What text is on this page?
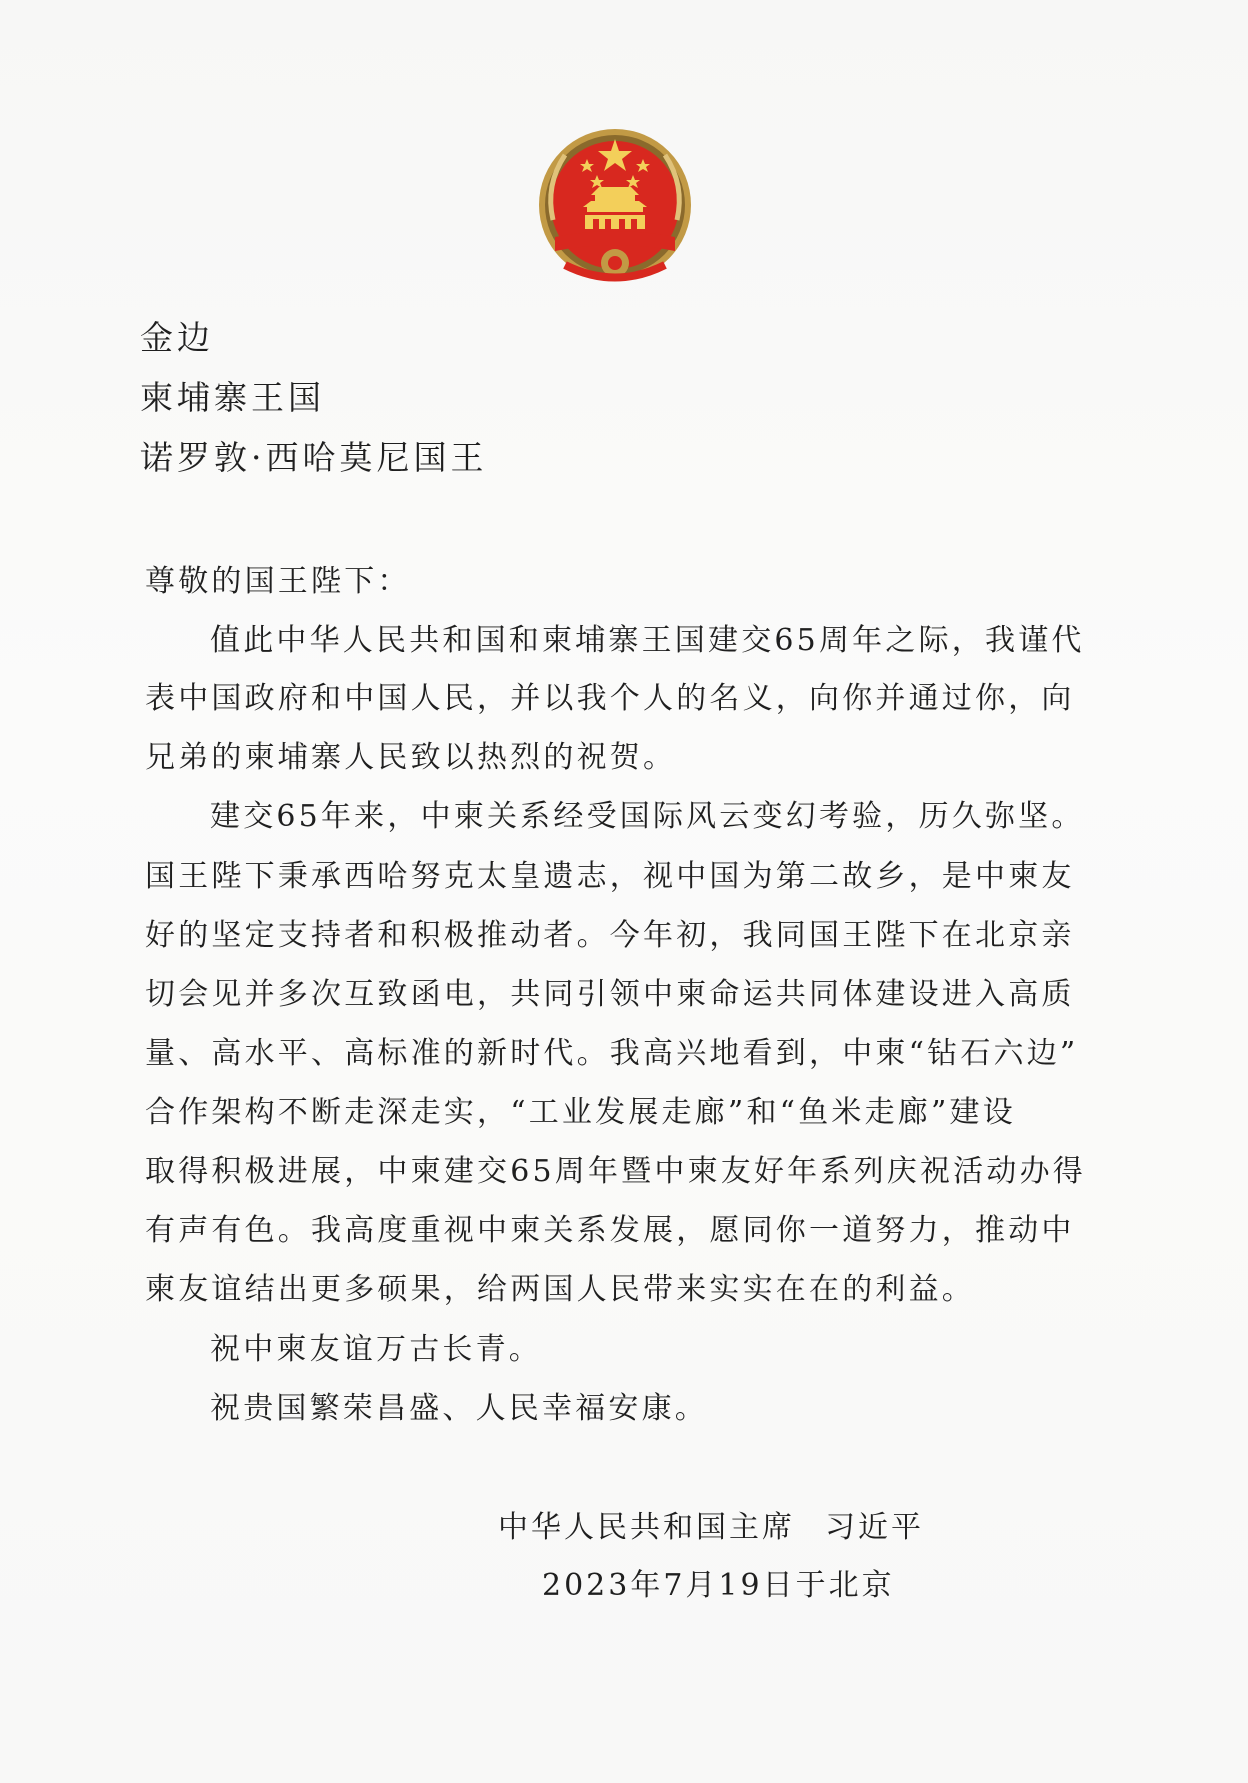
金边
柬埔寨王国
诺罗敦·西哈莫尼国王
尊敬的国王陛下：
值此中华人民共和国和柬埔寨王国建交65周年之际，我谨代
表中国政府和中国人民，并以我个人的名义，向你并通过你，向
兄弟的柬埔寨人民致以热烈的祝贺。
建交65年来，中柬关系经受国际风云变幻考验，历久弥坚。
国王陛下秉承西哈努克太皇遗志，视中国为第二故乡，是中柬友
好的坚定支持者和积极推动者。今年初，我同国王陛下在北京亲
切会见并多次互致函电，共同引领中柬命运共同体建设进入高质
量、高水平、高标准的新时代。我高兴地看到，中柬“钻石六边”
合作架构不断走深走实，“工业发展走廊”和“鱼米走廊”建设
取得积极进展，中柬建交65周年暨中柬友好年系列庆祝活动办得
有声有色。我高度重视中柬关系发展，愿同你一道努力，推动中
柬友谊结出更多硕果，给两国人民带来实实在在的利益。
祝中柬友谊万古长青。
祝贵国繁荣昌盛、人民幸福安康。
中华人民共和国主席 习近平
2023年7月19日于北京
